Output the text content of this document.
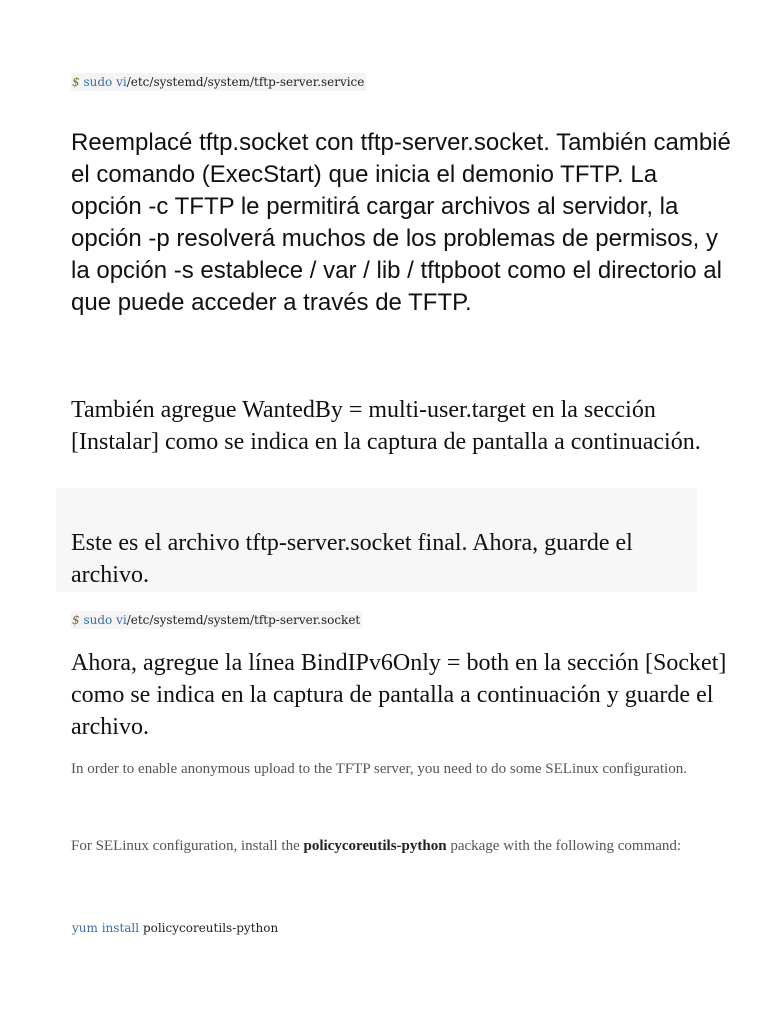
$ sudo vi/etc/systemd/system/tftp-server.service

Reemplacé tftp.socket con tftp-server.socket. También cambié el comando (ExecStart) que inicia el demonio TFTP. La opción -c TFTP le permitirá cargar archivos al servidor, la opción -p resolverá muchos de los problemas de permisos, y la opción -s establece / var / lib / tftpboot como el directorio al que puede acceder a través de TFTP.

También agregue WantedBy = multi-user.target en la sección [Instalar] como se indica en la captura de pantalla a continuación.

Este es el archivo tftp-server.socket final. Ahora, guarde el archivo.

$ sudo vi/etc/systemd/system/tftp-server.socket

Ahora, agregue la línea BindIPv6Only = both en la sección [Socket] como se indica en la captura de pantalla a continuación y guarde el archivo.

In order to enable anonymous upload to the TFTP server, you need to do some SELinux configuration.

For SELinux configuration, install the policycoreutils-python package with the following command:

yum install policycoreutils-python
